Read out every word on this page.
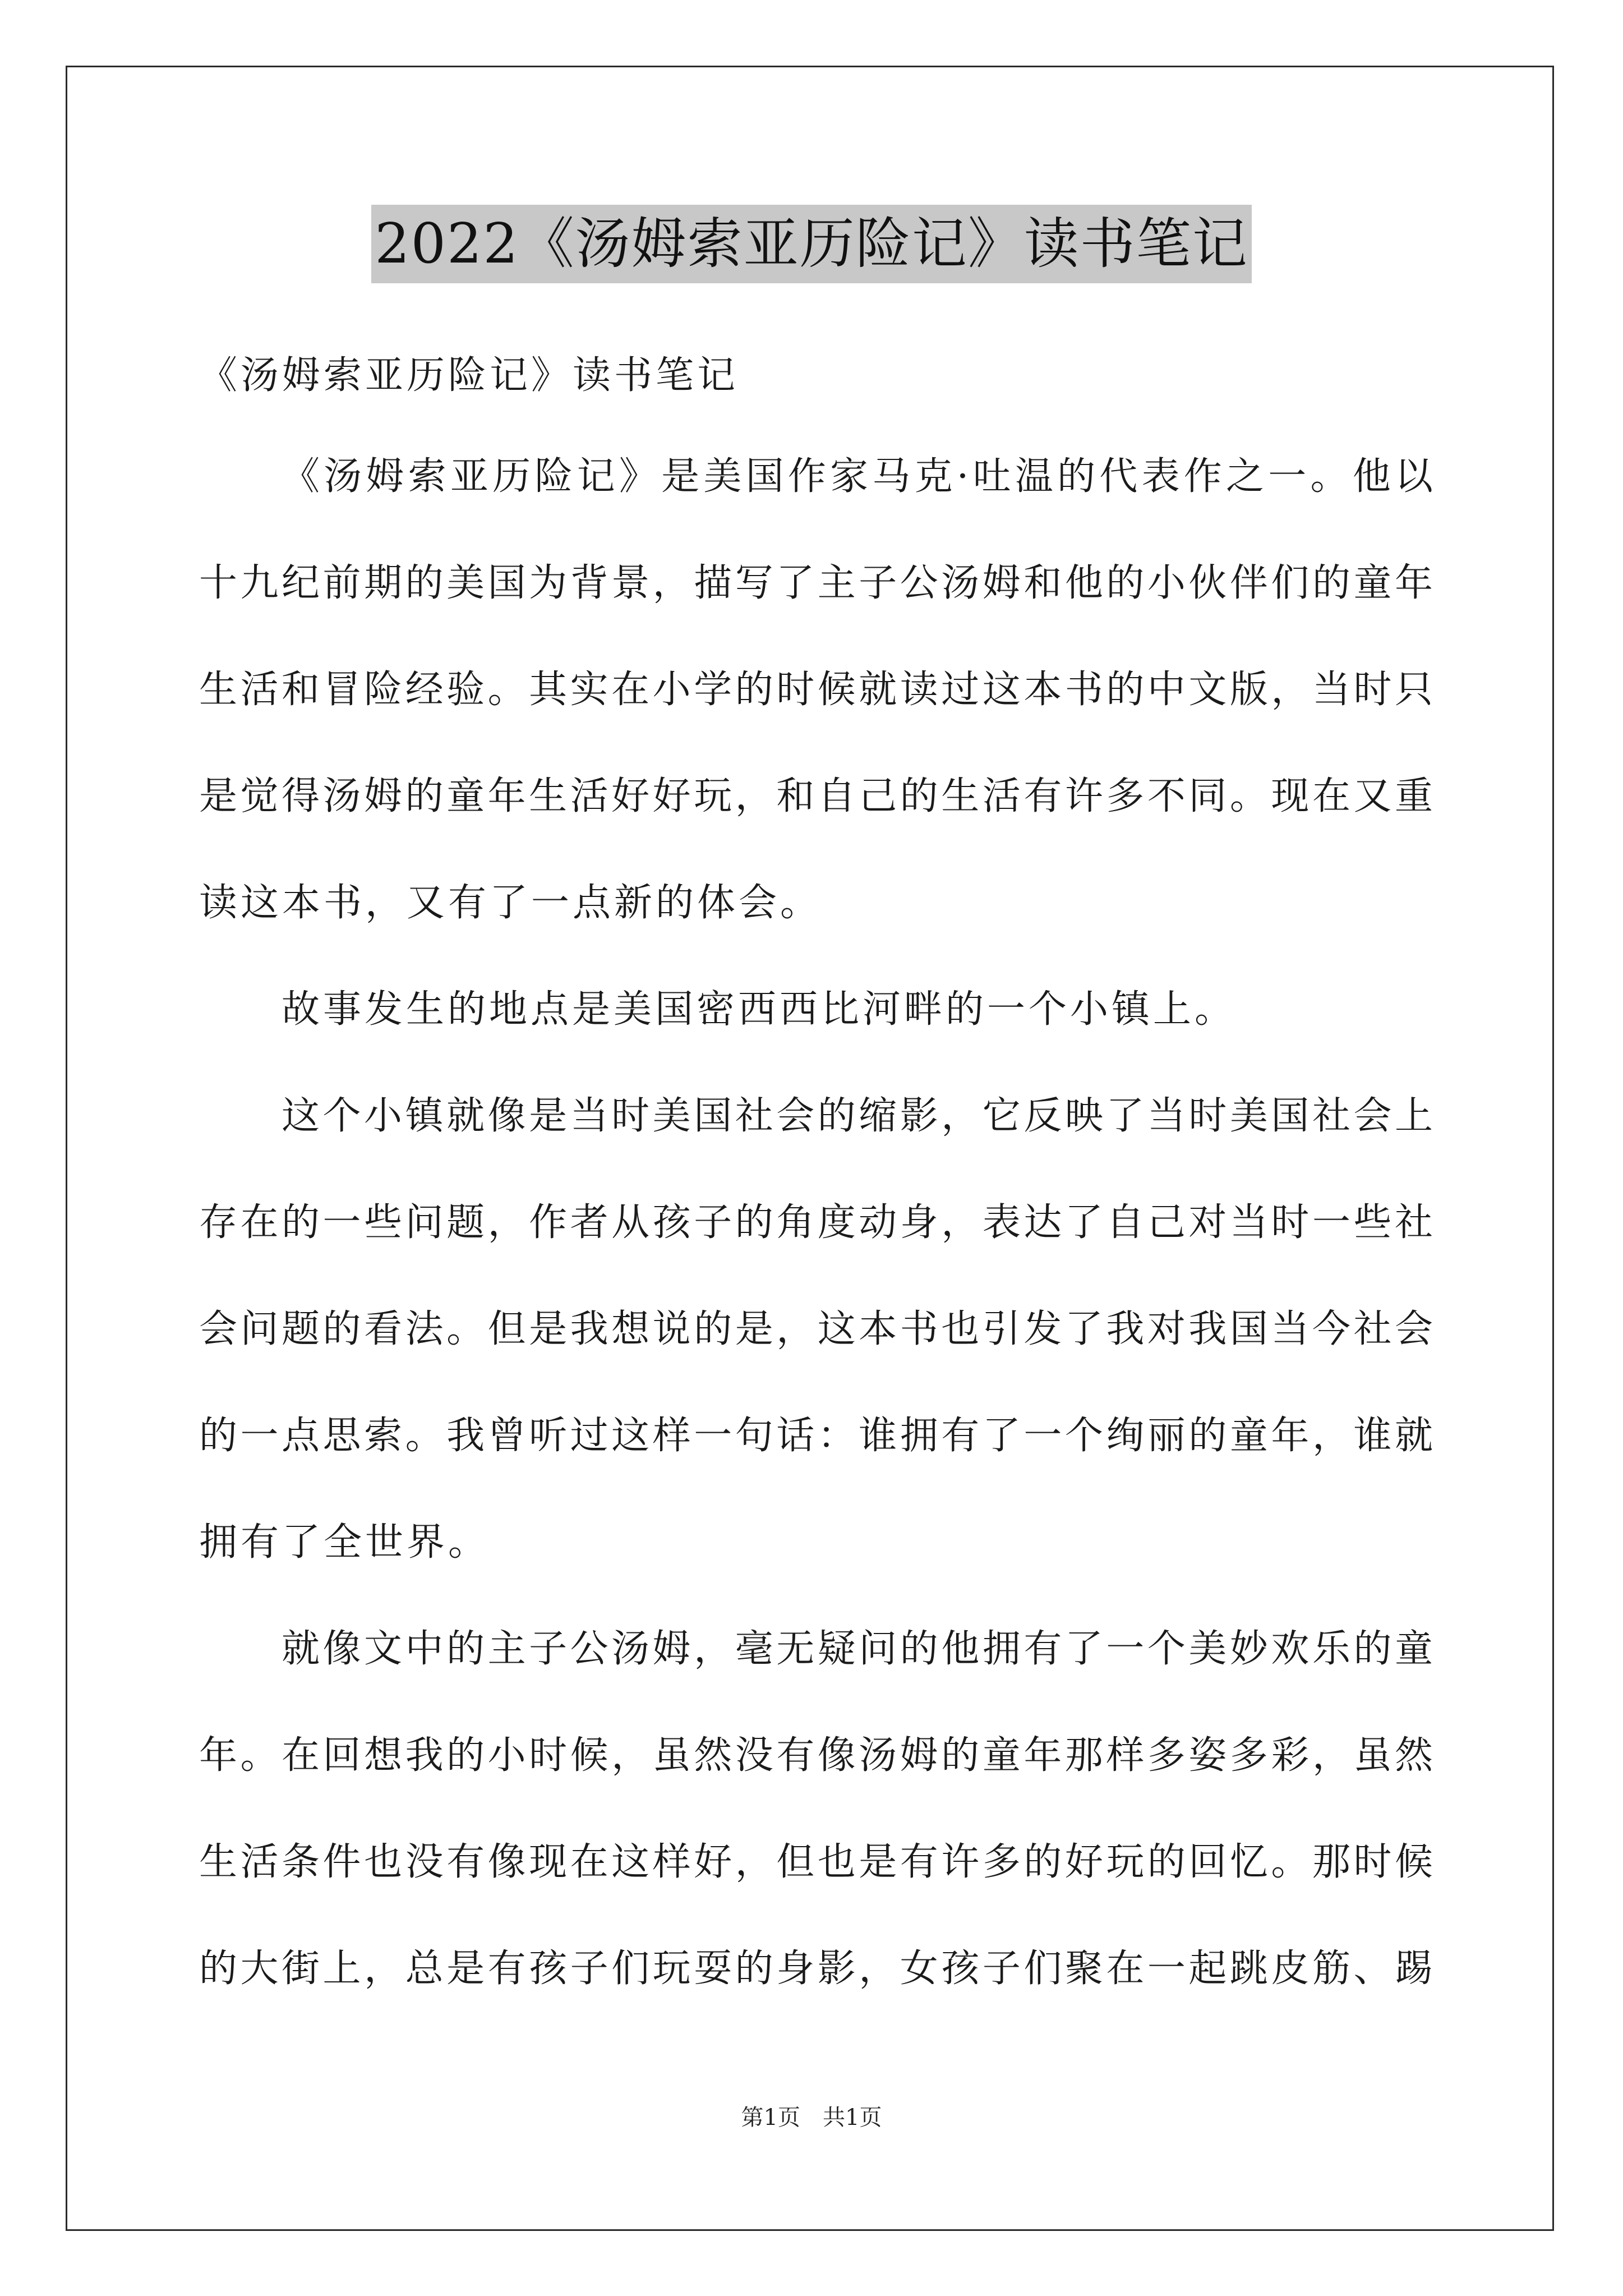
2022《汤姆索亚历险记》读书笔记
《汤姆索亚历险记》读书笔记
《汤姆索亚历险记》是美国作家马克·吐温的代表作之一。他以
十九纪前期的美国为背景，描写了主子公汤姆和他的小伙伴们的童年
生活和冒险经验。其实在小学的时候就读过这本书的中文版，当时只
是觉得汤姆的童年生活好好玩，和自己的生活有许多不同。现在又重
读这本书，又有了一点新的体会。
故事发生的地点是美国密西西比河畔的一个小镇上。
这个小镇就像是当时美国社会的缩影，它反映了当时美国社会上
存在的一些问题，作者从孩子的角度动身，表达了自己对当时一些社
会问题的看法。但是我想说的是，这本书也引发了我对我国当今社会
的一点思索。我曾听过这样一句话：谁拥有了一个绚丽的童年，谁就
拥有了全世界。
就像文中的主子公汤姆，毫无疑问的他拥有了一个美妙欢乐的童
年。在回想我的小时候，虽然没有像汤姆的童年那样多姿多彩，虽然
生活条件也没有像现在这样好，但也是有许多的好玩的回忆。那时候
的大街上，总是有孩子们玩耍的身影，女孩子们聚在一起跳皮筋、踢
第1页　共1页
